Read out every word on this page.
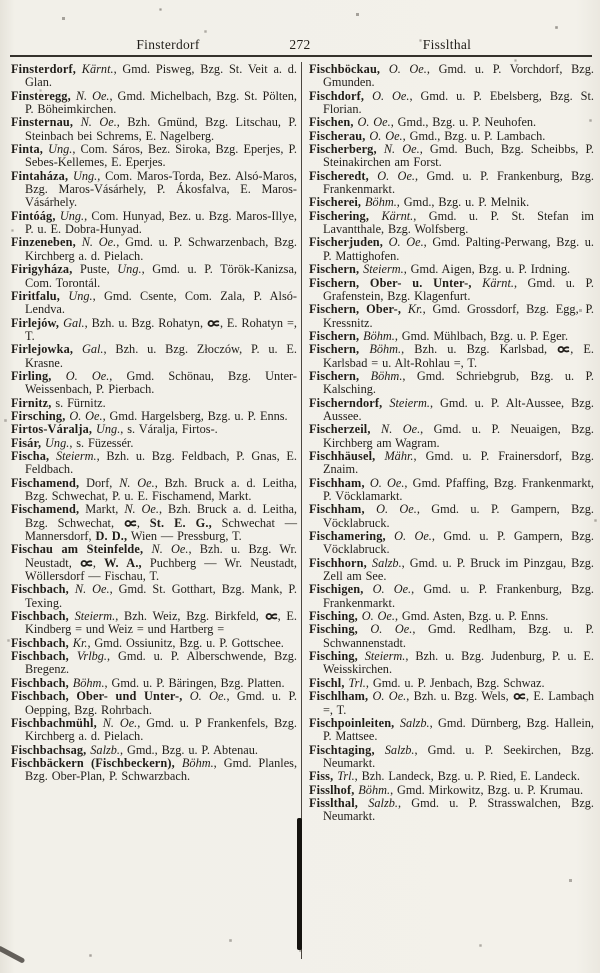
Finsterdorf	272	Fisslthal
Finsterdorf, Kärnt., Gmd. Pisweg, Bzg. St. Veit a. d. Glan.
Finsteregg, N. Oe., Gmd. Michelbach, Bzg. St. Pölten, P. Böheimkirchen.
Finsternau, N. Oe., Bzh. Gmünd, Bzg. Litschau, P. Steinbach bei Schrems, E. Nagelberg.
Finta, Ung., Com. Sáros, Bez. Siroka, Bzg. Eperjes, P. Sebes-Kellemes, E. Eperjes.
Fintaháza, Ung., Com. Maros-Torda, Bez. Alsó-Maros, Bzg. Maros-Vásárhely, P. Ákosfalva, E. Maros-Vásárhely.
Fintóág, Ung., Com. Hunyad, Bez. u. Bzg. Maros-Illye, P. u. E. Dobra-Hunyad.
Finzeneben, N. Oe., Gmd. u. P. Schwarzenbach, Bzg. Kirchberg a. d. Pielach.
Firigyháza, Puste, Ung., Gmd. u. P. Török-Kanizsa, Com. Torontál.
Firitfalu, Ung., Gmd. Csente, Com. Zala, P. Alsó-Lendva.
Firlejów, Gal., Bzh. u. Bzg. Rohatyn, , E. Rohatyn =, T.
Firlejowka, Gal., Bzh. u. Bzg. Złoczów, P. u. E. Krasne.
Firling, O. Oe., Gmd. Schönau, Bzg. Unter-Weissenbach, P. Pierbach.
Firnitz, s. Fürnitz.
Firsching, O. Oe., Gmd. Hargelsberg, Bzg. u. P. Enns.
Firtos-Váralja, Ung., s. Váralja, Firtos-.
Fisár, Ung., s. Füzessér.
Fischa, Steierm., Bzh. u. Bzg. Feldbach, P. Gnas, E. Feldbach.
Fischamend, Dorf, N. Oe., Bzh. Bruck a. d. Leitha, Bzg. Schwechat, P. u. E. Fischamend, Markt.
Fischamend, Markt, N. Oe., Bzh. Bruck a. d. Leitha, Bzg. Schwechat, , St. E. G., Schwechat — Mannersdorf, D. D., Wien — Pressburg, T.
Fischau am Steinfelde, N. Oe., Bzh. u. Bzg. Wr. Neustadt, , W. A., Puchberg — Wr. Neustadt, Wöllersdorf — Fischau, T.
Fischbach, N. Oe., Gmd. St. Gotthart, Bzg. Mank, P. Texing.
Fischbach, Steierm., Bzh. Weiz, Bzg. Birkfeld, , E. Kindberg = und Weiz = und Hartberg =
Fischbach, Kr., Gmd. Ossiunitz, Bzg. u. P. Gottschee.
Fischbach, Vrlbg., Gmd. u. P. Alberschwende, Bzg. Bregenz.
Fischbach, Böhm., Gmd. u. P. Bäringen, Bzg. Platten.
Fischbach, Ober- und Unter-, O. Oe., Gmd. u. P. Oepping, Bzg. Rohrbach.
Fischbachmühl, N. Oe., Gmd. u. P Frankenfels, Bzg. Kirchberg a. d. Pielach.
Fischbachsag, Salzb., Gmd., Bzg. u. P. Abtenau.
Fischbäckern (Fischbeckern), Böhm., Gmd. Planles, Bzg. Ober-Plan, P. Schwarzbach.
Fischböckau, O. Oe., Gmd. u. P. Vorchdorf, Bzg. Gmunden.
Fischdorf, O. Oe., Gmd. u. P. Ebelsberg, Bzg. St. Florian.
Fischen, O. Oe., Gmd., Bzg. u. P. Neuhofen.
Fischerau, O. Oe., Gmd., Bzg. u. P. Lambach.
Fischerberg, N. Oe., Gmd. Buch, Bzg. Scheibbs, P. Steinakirchen am Forst.
Fischeredt, O. Oe., Gmd. u. P. Frankenburg, Bzg. Frankenmarkt.
Fischerei, Böhm., Gmd., Bzg. u. P. Melnik.
Fischering, Kärnt., Gmd. u. P. St. Stefan im Lavantthale, Bzg. Wolfsberg.
Fischerjuden, O. Oe., Gmd. Palting-Perwang, Bzg. u. P. Mattighofen.
Fischern, Steierm., Gmd. Aigen, Bzg. u. P. Irdning.
Fischern, Ober- u. Unter-, Kärnt., Gmd. u. P. Grafenstein, Bzg. Klagenfurt.
Fischern, Ober-, Kr., Gmd. Grossdorf, Bzg. Egg, P. Kressnitz.
Fischern, Böhm., Gmd. Mühlbach, Bzg. u. P. Eger.
Fischern, Böhm., Bzh. u. Bzg. Karlsbad, , E. Karlsbad = u. Alt-Rohlau =, T.
Fischern, Böhm., Gmd. Schriebgrub, Bzg. u. P. Kalsching.
Fischerndorf, Steierm., Gmd. u. P. Alt-Aussee, Bzg. Aussee.
Fischerzeil, N. Oe., Gmd. u. P. Neuaigen, Bzg. Kirchberg am Wagram.
Fischhäusel, Mähr., Gmd. u. P. Frainersdorf, Bzg. Znaim.
Fischham, O. Oe., Gmd. Pfaffing, Bzg. Frankenmarkt, P. Vöcklamarkt.
Fischham, O. Oe., Gmd. u. P. Gampern, Bzg. Vöcklabruck.
Fischamering, O. Oe., Gmd. u. P. Gampern, Bzg. Vöcklabruck.
Fischhorn, Salzb., Gmd. u. P. Bruck im Pinzgau, Bzg. Zell am See.
Fischigen, O. Oe., Gmd. u. P. Frankenburg, Bzg. Frankenmarkt.
Fisching, O. Oe., Gmd. Asten, Bzg. u. P. Enns.
Fisching, O. Oe., Gmd. Redlham, Bzg. u. P. Schwannenstadt.
Fisching, Steierm., Bzh. u. Bzg. Judenburg, P. u. E. Weisskirchen.
Fischl, Trl., Gmd. u. P. Jenbach, Bzg. Schwaz.
Fischlham, O. Oe., Bzh. u. Bzg. Wels, , E. Lambach =, T.
Fischpoinleiten, Salzb., Gmd. Dürnberg, Bzg. Hallein, P. Mattsee.
Fischtaging, Salzb., Gmd. u. P. Seekirchen, Bzg. Neumarkt.
Fiss, Trl., Bzh. Landeck, Bzg. u. P. Ried, E. Landeck.
Fisslhof, Böhm., Gmd. Mirkowitz, Bzg. u. P. Krumau.
Fisslthal, Salzb., Gmd. u. P. Strasswalchen, Bzg. Neumarkt.
